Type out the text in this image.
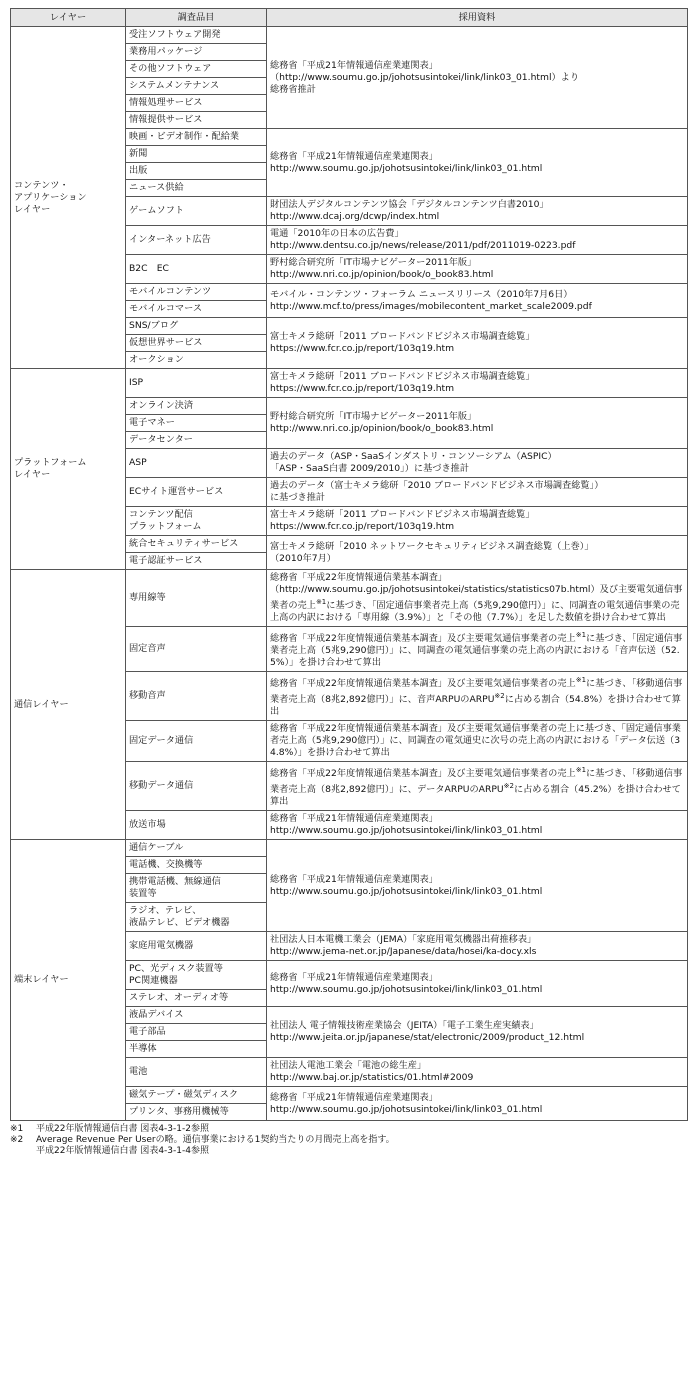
レイヤー	調査品目	採用資料
コンテンツ・
アプリケーション
レイヤー	受注ソフトウェア開発	総務省「平成21年情報通信産業連関表」
（http://www.soumu.go.jp/johotsusintokei/link/link03_01.html）より
総務省推計
	業務用パッケージ	
	その他ソフトウェア	
	システムメンテナンス	
	情報処理サービス	
	情報提供サービス	
	映画・ビデオ制作・配給業	総務省「平成21年情報通信産業連関表」
http://www.soumu.go.jp/johotsusintokei/link/link03_01.html
	新聞	
	出版	
	ニュース供給	
	ゲームソフト	財団法人デジタルコンテンツ協会「デジタルコンテンツ白書2010」
http://www.dcaj.org/dcwp/index.html
	インターネット広告	電通「2010年の日本の広告費」
http://www.dentsu.co.jp/news/release/2011/pdf/2011019-0223.pdf
	B2C　EC	野村総合研究所「IT市場ナビゲーター2011年版」
http://www.nri.co.jp/opinion/book/o_book83.html
	モバイルコンテンツ	モバイル・コンテンツ・フォーラム ニュースリリース（2010年7月6日）
http://www.mcf.to/press/images/mobilecontent_market_scale2009.pdf
	モバイルコマース	
	SNS/ブログ	富士キメラ総研「2011 ブロードバンドビジネス市場調査総覧」
https://www.fcr.co.jp/report/103q19.htm
	仮想世界サービス	
	オークション	
プラットフォーム
レイヤー	ISP	富士キメラ総研「2011 ブロードバンドビジネス市場調査総覧」
https://www.fcr.co.jp/report/103q19.htm
	オンライン決済	野村総合研究所「IT市場ナビゲーター2011年版」
http://www.nri.co.jp/opinion/book/o_book83.html
	電子マネー	
	データセンター	
	ASP	過去のデータ（ASP・SaaSインダストリ・コンソーシアム（ASPIC）
「ASP・SaaS白書 2009/2010」）に基づき推計
	ECサイト運営サービス	過去のデータ（富士キメラ総研「2010 ブロードバンドビジネス市場調査総覧」）
に基づき推計
	コンテンツ配信
プラットフォーム	富士キメラ総研「2011 ブロードバンドビジネス市場調査総覧」
https://www.fcr.co.jp/report/103q19.htm
	統合セキュリティサービス	富士キメラ総研「2010 ネットワークセキュリティビジネス調査総覧（上巻）」
（2010年7月）
	電子認証サービス	
通信レイヤー	専用線等	総務省「平成22年度情報通信業基本調査」
（http://www.soumu.go.jp/johotsusintokei/statistics/statistics07b.html）及び主要電気通信事業者の売上$^{※1}$に基づき、「固定通信事業者売上高（5兆9,290億円）」に、同調査の電気通信事業の売上高の内訳における「専用線（3.9%）」と「その他（7.7%）」を足した数値を掛け合わせて算出
	固定音声	総務省「平成22年度情報通信業基本調査」及び主要電気通信事業者の売上$^{※1}$に基づき、「固定通信事業者売上高（5兆9,290億円）」に、同調査の電気通信事業の売上高の内訳における「音声伝送（52.5%）」を掛け合わせて算出
	移動音声	総務省「平成22年度情報通信業基本調査」及び主要電気通信事業者の売上$^{※1}$に基づき、「移動通信事業者売上高（8兆2,892億円）」に、音声ARPUのARPU$^{※2}$に占める割合（54.8%）を掛け合わせて算出
	固定データ通信	総務省「平成22年度情報通信業基本調査」及び主要電気通信事業者の売上に基づき、「固定通信事業者売上高（5兆9,290億円）」に、同調査の電気通史に次号の売上高の内訳における「データ伝送（34.8%）」を掛け合わせて算出
	移動データ通信	総務省「平成22年度情報通信業基本調査」及び主要電気通信事業者の売上$^{※1}$に基づき、「移動通信事業者売上高（8兆2,892億円）」に、データARPUのARPU$^{※2}$に占める割合（45.2%）を掛け合わせて算出
	放送市場	総務省「平成21年情報通信産業連関表」
http://www.soumu.go.jp/johotsusintokei/link/link03_01.html
端末レイヤー	通信ケーブル	総務省「平成21年情報通信産業連関表」
http://www.soumu.go.jp/johotsusintokei/link/link03_01.html
	電話機、交換機等	
	携帯電話機、無線通信
装置等	
	ラジオ、テレビ、
液晶テレビ、ビデオ機器	
	家庭用電気機器	社団法人日本電機工業会（JEMA）「家庭用電気機器出荷推移表」
http://www.jema-net.or.jp/Japanese/data/hosei/ka-docy.xls
	PC、光ディスク装置等
PC関連機器	総務省「平成21年情報通信産業連関表」
http://www.soumu.go.jp/johotsusintokei/link/link03_01.html
	ステレオ、オーディオ等	
	液晶デバイス	社団法人 電子情報技術産業協会（JEITA）「電子工業生産実績表」
http://www.jeita.or.jp/japanese/stat/electronic/2009/product_12.html
	電子部品	
	半導体	
	電池	社団法人電池工業会「電池の総生産」
http://www.baj.or.jp/statistics/01.html#2009
	磁気テープ・磁気ディスク	総務省「平成21年情報通信産業連関表」
http://www.soumu.go.jp/johotsusintokei/link/link03_01.html
	プリンタ、事務用機械等	
※1	平成22年版情報通信白書 図表4-3-1-2参照
※2	Average Revenue Per Userの略。通信事業における1契約当たりの月間売上高を指す。
平成22年版情報通信白書 図表4-3-1-4参照
